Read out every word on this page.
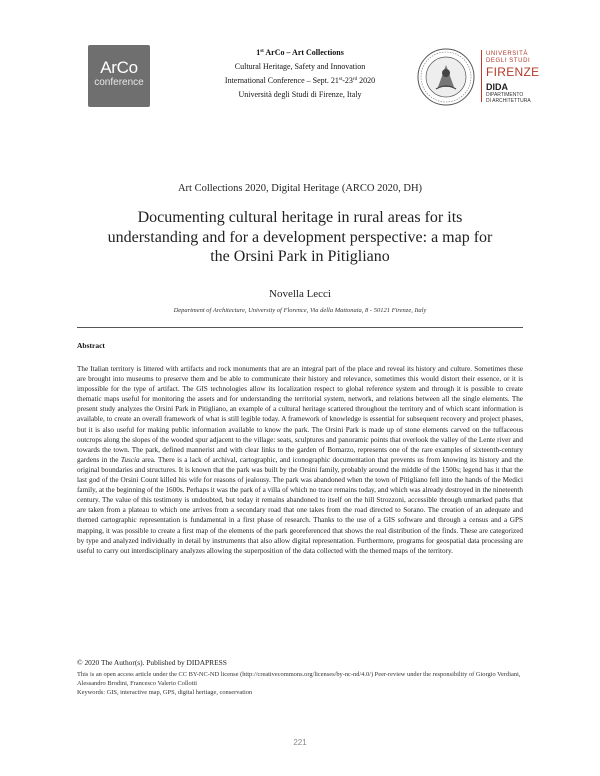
ArCo
conference
1st ArCo – Art Collections
Cultural Heritage, Safety and Innovation
International Conference – Sept. 21st-23rd 2020
Università degli Studi di Firenze, Italy
UNIVERSITÀ
DEGLI STUDI
FIRENZE
DIDA
DIPARTIMENTO
DI ARCHITETTURA
Art Collections 2020, Digital Heritage (ARCO 2020, DH)
Documenting cultural heritage in rural areas for its understanding and for a development perspective: a map for the Orsini Park in Pitigliano
Novella Lecci
Department of Architecture, University of Florence, Via della Mattonaia, 8 - 50121 Firenze, Italy
Abstract
The Italian territory is littered with artifacts and rock monuments that are an integral part of the place and reveal its history and culture. Sometimes these are brought into museums to preserve them and be able to communicate their history and relevance, sometimes this would distort their essence, or it is impossible for the type of artifact. The GIS technologies allow its localization respect to global reference system and through it is possible to create thematic maps useful for monitoring the assets and for understanding the territorial system, network, and relations between all the single elements. The present study analyzes the Orsini Park in Pitigliano, an example of a cultural heritage scattered throughout the territory and of which scant information is available, to create an overall framework of what is still legible today. A framework of knowledge is essential for subsequent recovery and project phases, but it is also useful for making public information available to know the park. The Orsini Park is made up of stone elements carved on the tuffaceous outcrops along the slopes of the wooded spur adjacent to the village: seats, sculptures and panoramic points that overlook the valley of the Lente river and towards the town. The park, defined mannerist and with clear links to the garden of Bomarzo, represents one of the rare examples of sixteenth-century gardens in the Tuscia area. There is a lack of archival, cartographic, and iconographic documentation that prevents us from knowing its history and the original boundaries and structures. It is known that the park was built by the Orsini family, probably around the middle of the 1500s; legend has it that the last god of the Orsini Count killed his wife for reasons of jealousy. The park was abandoned when the town of Pitigliano fell into the hands of the Medici family, at the beginning of the 1600s. Perhaps it was the park of a villa of which no trace remains today, and which was already destroyed in the nineteenth century. The value of this testimony is undoubted, but today it remains abandoned to itself on the hill Strozzoni, accessible through unmarked paths that are taken from a plateau to which one arrives from a secondary road that one takes from the road directed to Sorano. The creation of an adequate and themed cartographic representation is fundamental in a first phase of research. Thanks to the use of a GIS software and through a census and a GPS mapping, it was possible to create a first map of the elements of the park georeferenced that shows the real distribution of the finds. These are categorized by type and analyzed individually in detail by instruments that also allow digital representation. Furthermore, programs for geospatial data processing are useful to carry out interdisciplinary analyzes allowing the superposition of the data collected with the themed maps of the territory.
© 2020 The Author(s). Published by DIDAPRESS
This is an open access article under the CC BY-NC-ND license (http://creativecommons.org/licenses/by-nc-nd/4.0/) Peer-review under the responsibility of Giorgio Verdiani, Alessandro Brodini, Francesco Valerio Collotti
Keywords: GIS, interactive map, GPS, digital heritage, conservation
221
